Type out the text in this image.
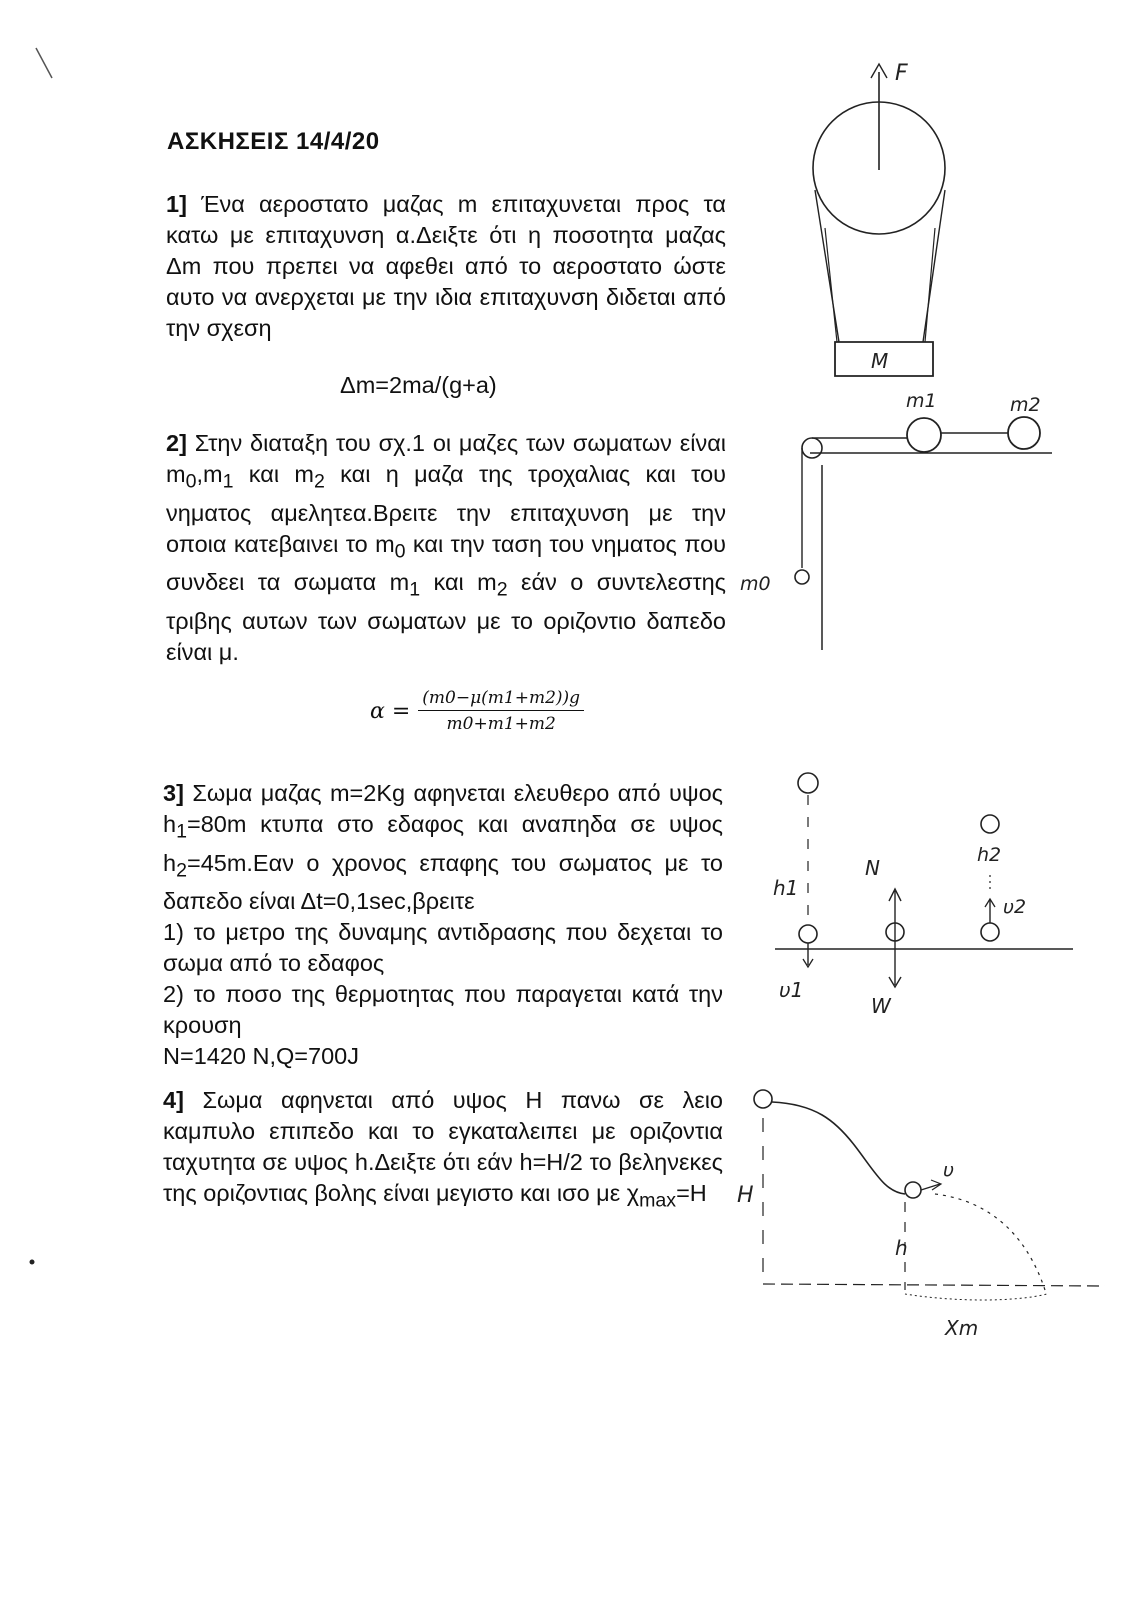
ΑΣΚΗΣΕΙΣ 14/4/20
1] Ένα αεροστατο μαζας m επιταχυνεται προς τα κατω με επιταχυνση α.Δειξτε ότι η ποσοτητα μαζας Δm που πρεπει να αφεθει από το αεροστατο ώστε αυτο να ανερχεται με την ιδια επιταχυνση διδεται από την σχεση
Δm=2ma/(g+a)
2] Στην διαταξη του σχ.1 οι μαζες των σωματων είναι $m_0,m_1$ και $m_2$ και η μαζα της τροχαλιας και του νηματος αμελητεα.Βρειτε την επιταχυνση με την οποια κατεβαινει το $m_0$ και την ταση του νηματος που συνδεει τα σωματα $m_1$ και $m_2$ εάν ο συντελεστης τριβης αυτων των σωματων με το οριζοντιο δαπεδο είναι μ.
$\alpha = \frac{(m0-\mu(m1+m2))g}{m0+m1+m2}$
3] Σωμα μαζας m=2Kg αφηνεται ελευθερο από υψος $h_1=80m$ κτυπα στο εδαφος και αναπηδα σε υψος $h_2=45m.E\alpha\nu$ ο χρονος επαφης του σωματος με το δαπεδο είναι Δt=0,1sec,βρειτε
1) το μετρο της δυναμης αντιδρασης που δεχεται το σωμα από το εδαφος
2) το ποσο της θερμοτητας που παραγεται κατά την κρουση
N=1420 N,Q=700J
4] Σωμα αφηνεται από υψος Η πανω σε λειο καμπυλο επιπεδο και το εγκαταλειπει με οριζοντια ταχυτητα σε υψος h.Δειξτε ότι εάν h=H/2 το βεληνεκες της οριζοντιας βολης είναι μεγιστο και ισο με $\chi_{max}=H$
F
M
m1	m2
m0
h1
υ1
N
W
h2
υ2
υ
H
h
Xm
